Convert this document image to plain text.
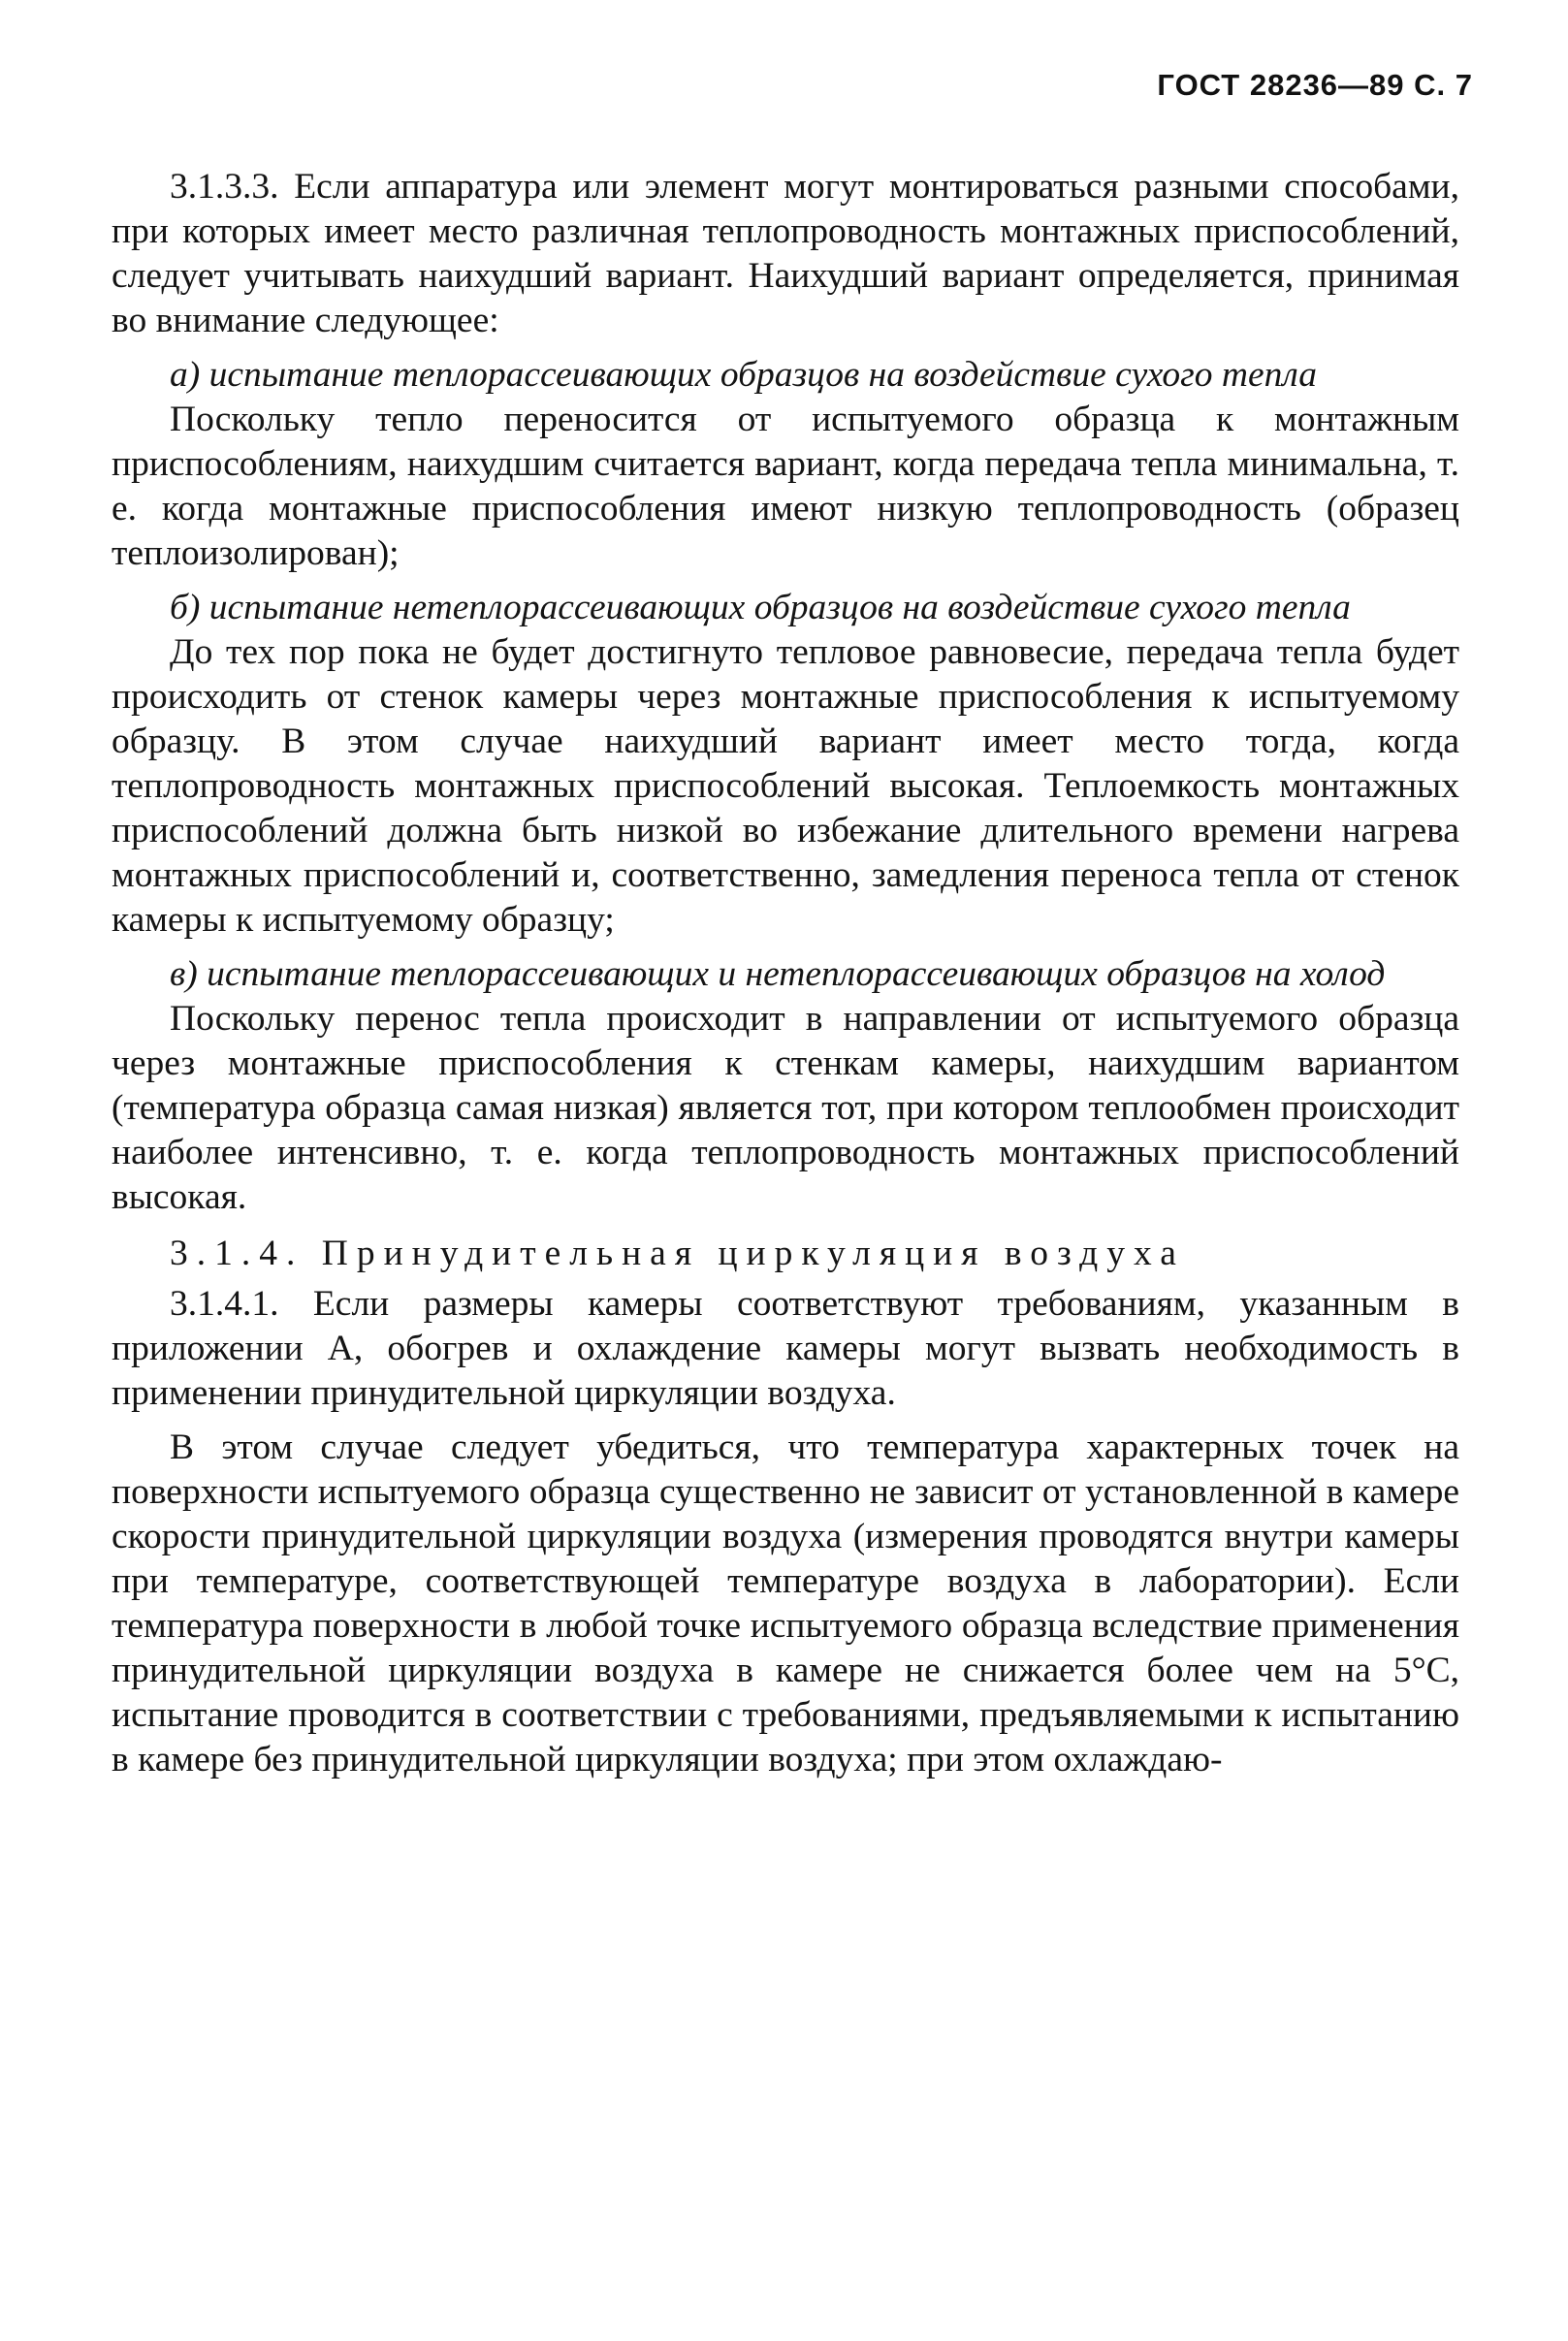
ГОСТ 28236—89 С. 7

3.1.3.3. Если аппаратура или элемент могут монтироваться разными способами, при которых имеет место различная теплопроводность монтажных приспособлений, следует учитывать наихудший вариант. Наихудший вариант определяется, принимая во внимание следующее:

а) испытание теплорассеивающих образцов на воздействие сухого тепла

Поскольку тепло переносится от испытуемого образца к монтажным приспособлениям, наихудшим считается вариант, когда передача тепла минимальна, т. е. когда монтажные приспособления имеют низкую теплопроводность (образец теплоизолирован);

б) испытание нетеплорассеивающих образцов на воздействие сухого тепла

До тех пор пока не будет достигнуто тепловое равновесие, передача тепла будет происходить от стенок камеры через монтажные приспособления к испытуемому образцу. В этом случае наихудший вариант имеет место тогда, когда теплопроводность монтажных приспособлений высокая. Теплоемкость монтажных приспособлений должна быть низкой во избежание длительного времени нагрева монтажных приспособлений и, соответственно, замедления переноса тепла от стенок камеры к испытуемому образцу;

в) испытание теплорассеивающих и нетеплорассеивающих образцов на холод

Поскольку перенос тепла происходит в направлении от испытуемого образца через монтажные приспособления к стенкам камеры, наихудшим вариантом (температура образца самая низкая) является тот, при котором теплообмен происходит наиболее интенсивно, т. е. когда теплопроводность монтажных приспособлений высокая.

3.1.4. Принудительная циркуляция воздуха

3.1.4.1. Если размеры камеры соответствуют требованиям, указанным в приложении А, обогрев и охлаждение камеры могут вызвать необходимость в применении принудительной циркуляции воздуха.

В этом случае следует убедиться, что температура характерных точек на поверхности испытуемого образца существенно не зависит от установленной в камере скорости принудительной циркуляции воздуха (измерения проводятся внутри камеры при температуре, соответствующей температуре воздуха в лаборатории). Если температура поверхности в любой точке испытуемого образца вследствие применения принудительной циркуляции воздуха в камере не снижается более чем на 5°С, испытание проводится в соответствии с требованиями, предъявляемыми к испытанию в камере без принудительной циркуляции воздуха; при этом охлаждаю-
